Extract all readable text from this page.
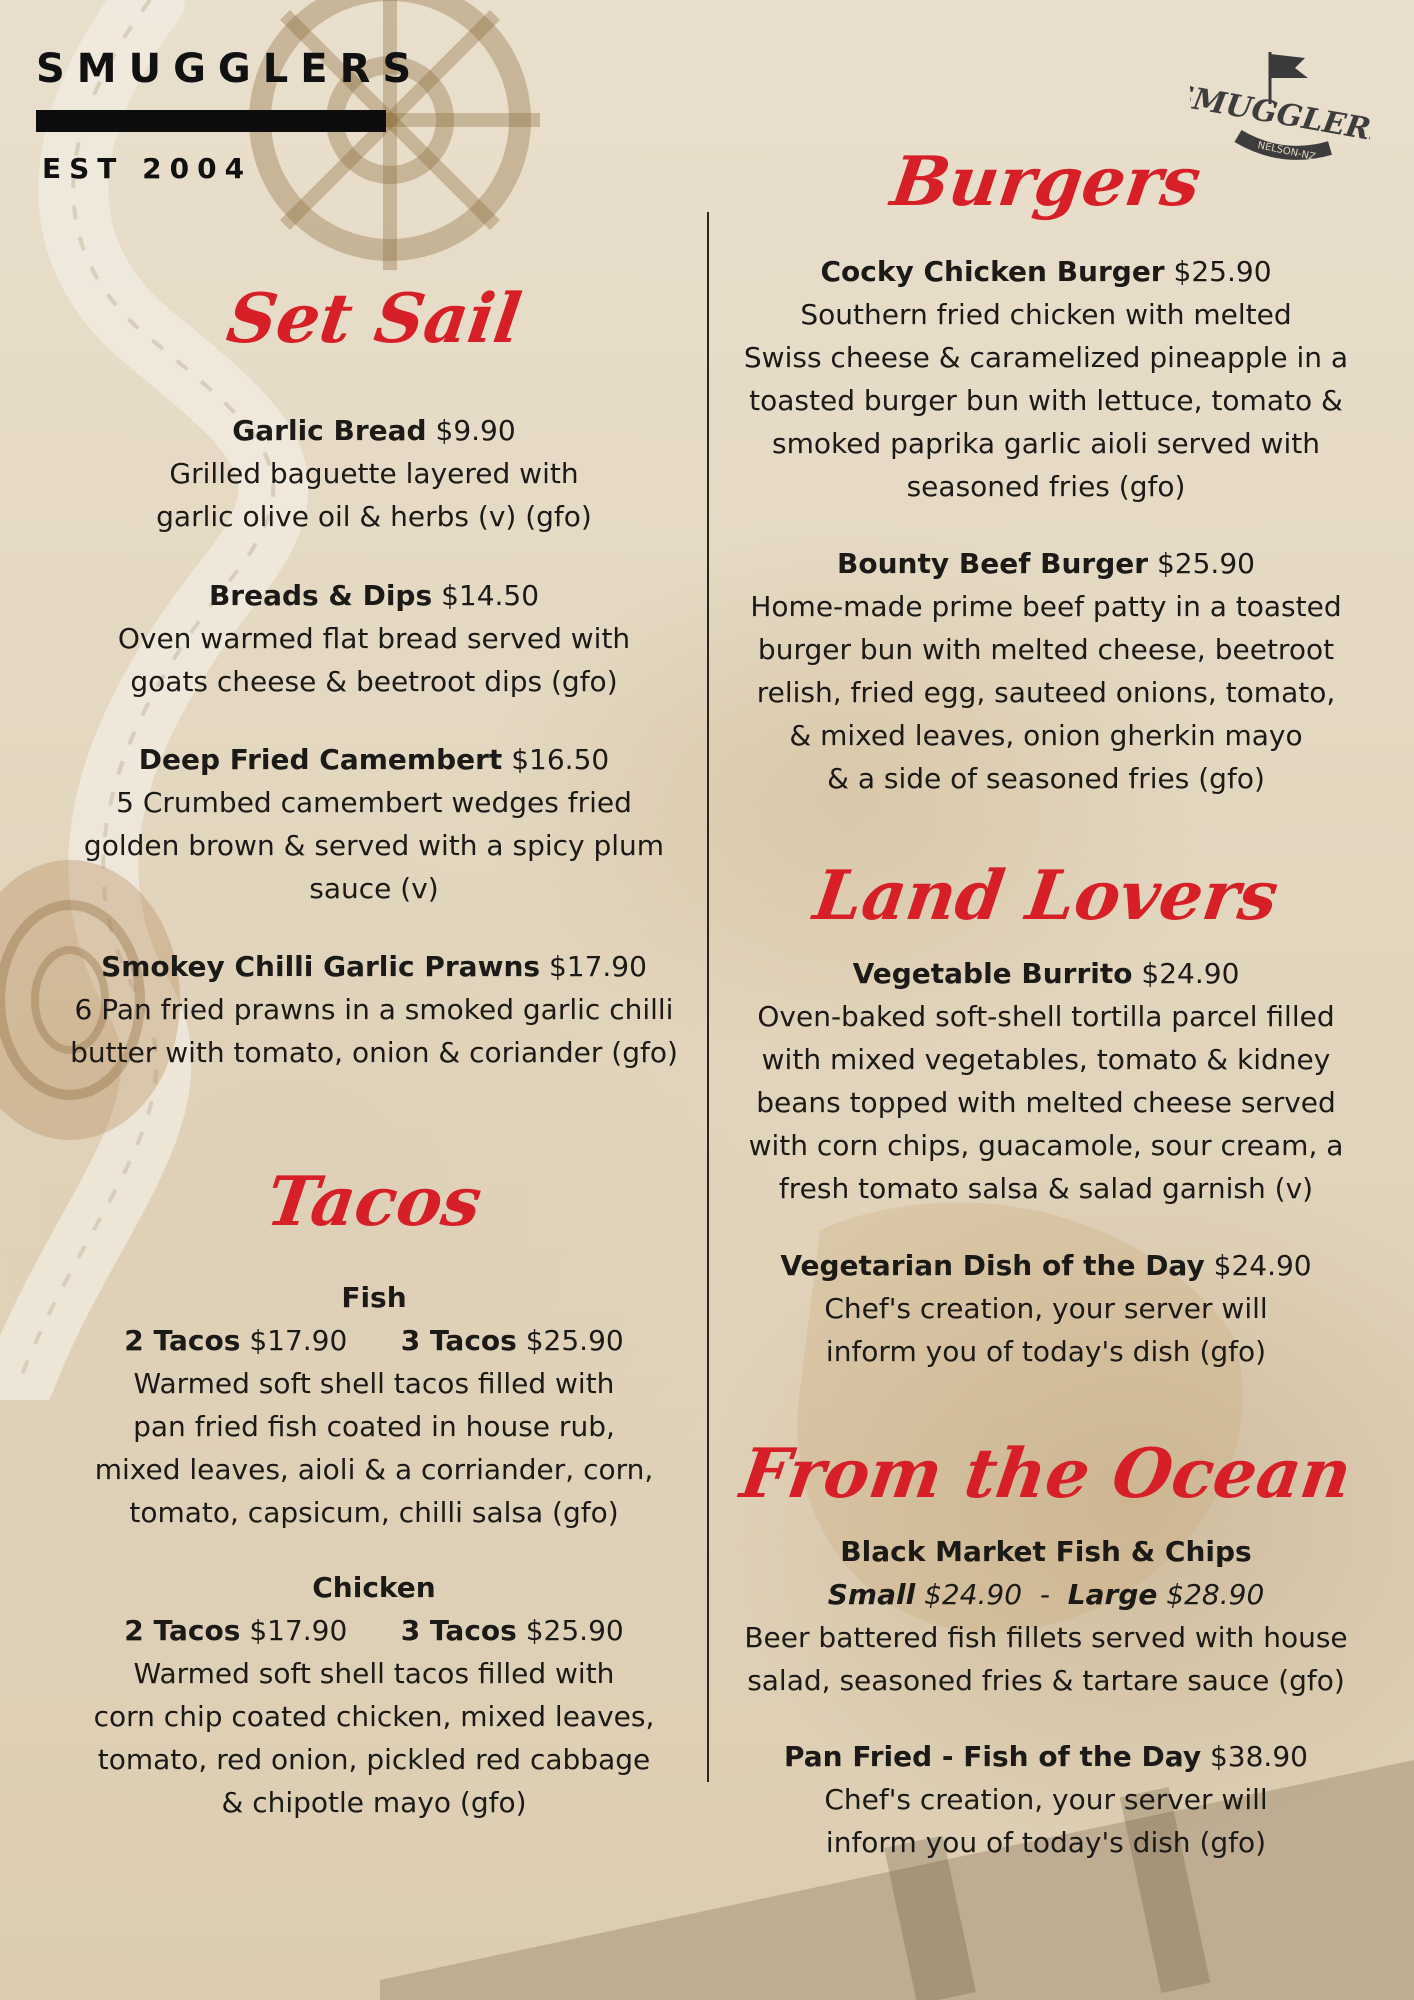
SMUGGLERS
EST 2004
SMUGGLERS
NELSON-NZ
Set Sail

Garlic Bread $9.90

Grilled baguette layered with

garlic olive oil & herbs (v) (gfo)

Breads & Dips $14.50

Oven warmed flat bread served with

goats cheese & beetroot dips (gfo)

Deep Fried Camembert $16.50

5 Crumbed camembert wedges fried

golden brown & served with a spicy plum

sauce (v)

Smokey Chilli Garlic Prawns $17.90

6 Pan fried prawns in a smoked garlic chilli

butter with tomato, onion & coriander (gfo)

Tacos

Fish

2 Tacos $17.90 3 Tacos $25.90

Warmed soft shell tacos filled with

pan fried fish coated in house rub,

mixed leaves, aioli & a corriander, corn,

tomato, capsicum, chilli salsa (gfo)

Chicken

2 Tacos $17.90 3 Tacos $25.90

Warmed soft shell tacos filled with

corn chip coated chicken, mixed leaves,

tomato, red onion, pickled red cabbage

& chipotle mayo (gfo)

Burgers

Cocky Chicken Burger $25.90

Southern fried chicken with melted

Swiss cheese & caramelized pineapple in a

toasted burger bun with lettuce, tomato &

smoked paprika garlic aioli served with

seasoned fries (gfo)

Bounty Beef Burger $25.90

Home-made prime beef patty in a toasted

burger bun with melted cheese, beetroot

relish, fried egg, sauteed onions, tomato,

& mixed leaves, onion gherkin mayo

& a side of seasoned fries (gfo)

Land Lovers

Vegetable Burrito $24.90

Oven-baked soft-shell tortilla parcel filled

with mixed vegetables, tomato & kidney

beans topped with melted cheese served

with corn chips, guacamole, sour cream, a

fresh tomato salsa & salad garnish (v)

Vegetarian Dish of the Day $24.90

Chef's creation, your server will

inform you of today's dish (gfo)

From the Ocean

Black Market Fish & Chips

Small $24.90 - Large $28.90

Beer battered fish fillets served with house

salad, seasoned fries & tartare sauce (gfo)

Pan Fried - Fish of the Day $38.90

Chef's creation, your server will

inform you of today's dish (gfo)
